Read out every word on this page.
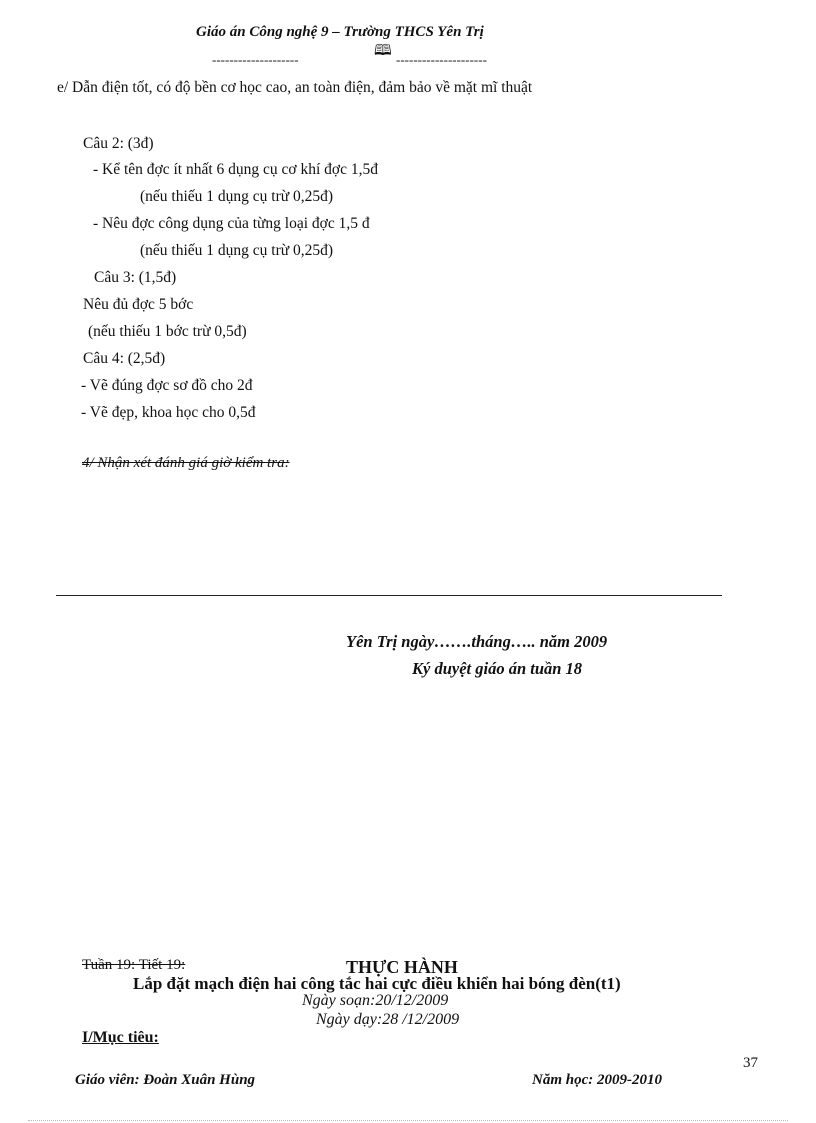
Giáo án Công nghệ 9 – Trường THCS Yên Trị
--------------------
🕮
---------------------
e/ Dẫn điện tốt, có độ bền cơ học cao, an toàn điện, đảm bảo về mặt mĩ thuật
Câu 2: (3đ)
- Kể tên đợc ít nhất 6 dụng cụ cơ khí đợc 1,5đ
(nếu thiếu 1 dụng cụ trừ 0,25đ)
- Nêu đợc công dụng của từng loại đợc 1,5 đ
(nếu thiếu 1 dụng cụ trừ 0,25đ)
Câu 3: (1,5đ)
Nêu đủ đợc 5 bớc
(nếu thiếu 1 bớc trừ 0,5đ)
Câu 4: (2,5đ)
- Vẽ đúng đợc sơ đồ cho 2đ
- Vẽ đẹp, khoa học cho 0,5đ
4/ Nhận xét đánh giá giờ kiểm tra:
Yên Trị ngày…….tháng….. năm 2009
Ký duyệt giáo án tuần 18
Tuần 19: Tiết 19:	THỰC HÀNH
Lắp đặt mạch điện hai công tắc hai cực điều khiển hai bóng đèn(t1)
Ngày soạn:20/12/2009
Ngày dạy:28 /12/2009
I/Mục tiêu:
37
Giáo viên: Đoàn Xuân Hùng	Năm học: 2009-2010
